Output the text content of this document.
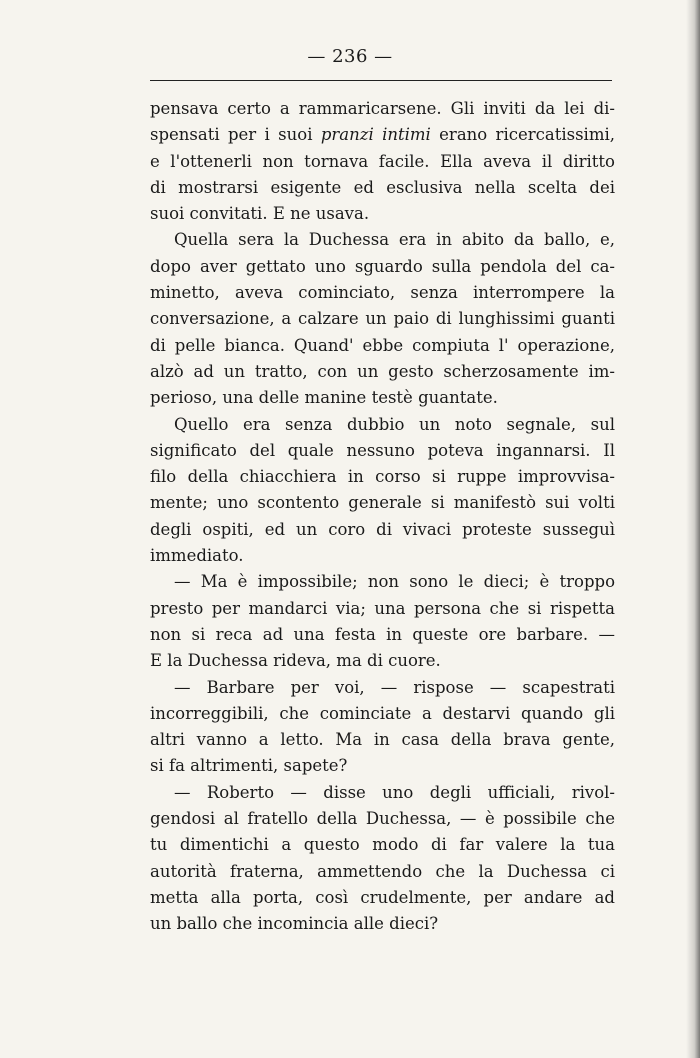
— 236 —
pensava certo a rammaricarsene. Gli inviti da lei di-
spensati per i suoi pranzi intimi erano ricercatissimi,
e l'ottenerli non tornava facile. Ella aveva il diritto
di mostrarsi esigente ed esclusiva nella scelta dei
suoi convitati. E ne usava.
Quella sera la Duchessa era in abito da ballo, e,
dopo aver gettato uno sguardo sulla pendola del ca-
minetto, aveva cominciato, senza interrompere la
conversazione, a calzare un paio di lunghissimi guanti
di pelle bianca. Quand' ebbe compiuta l' operazione,
alzò ad un tratto, con un gesto scherzosamente im-
perioso, una delle manine testè guantate.
Quello era senza dubbio un noto segnale, sul
significato del quale nessuno poteva ingannarsi. Il
filo della chiacchiera in corso si ruppe improvvisa-
mente; uno scontento generale si manifestò sui volti
degli ospiti, ed un coro di vivaci proteste susseguì
immediato.
— Ma è impossibile; non sono le dieci; è troppo
presto per mandarci via; una persona che si rispetta
non si reca ad una festa in queste ore barbare. —
E la Duchessa rideva, ma di cuore.
— Barbare per voi, — rispose — scapestrati
incorreggibili, che cominciate a destarvi quando gli
altri vanno a letto. Ma in casa della brava gente,
si fa altrimenti, sapete?
— Roberto — disse uno degli ufficiali, rivol-
gendosi al fratello della Duchessa, — è possibile che
tu dimentichi a questo modo di far valere la tua
autorità fraterna, ammettendo che la Duchessa ci
metta alla porta, così crudelmente, per andare ad
un ballo che incomincia alle dieci?
